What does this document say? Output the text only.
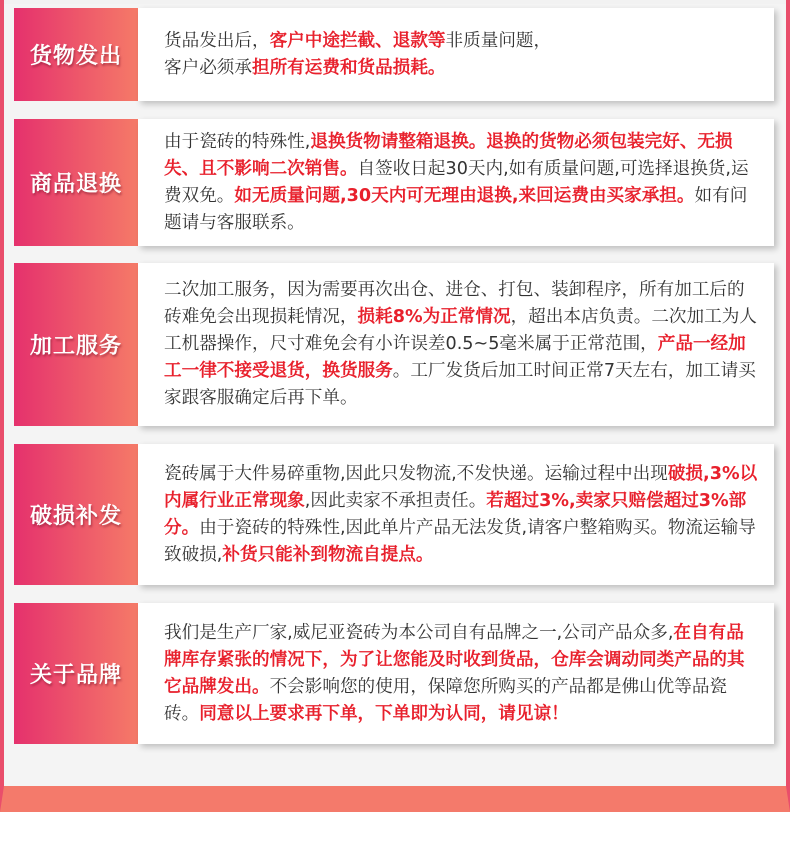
货物发出

货品发出后，客户中途拦截、退款等非质量问题，
客户必须承担所有运费和货品损耗。

商品退换

由于瓷砖的特殊性,退换货物请整箱退换。退换的货物必须包装完好、无损失、且不影响二次销售。自签收日起30天内,如有质量问题,可选择退换货,运费双免。如无质量问题,30天内可无理由退换,来回运费由买家承担。如有问题请与客服联系。

加工服务

二次加工服务，因为需要再次出仓、进仓、打包、装卸程序，所有加工后的砖难免会出现损耗情况，损耗8%为正常情况，超出本店负责。二次加工为人工机器操作，尺寸难免会有小许误差0.5~5毫米属于正常范围，产品一经加工一律不接受退货，换货服务。工厂发货后加工时间正常7天左右，加工请买家跟客服确定后再下单。

破损补发

瓷砖属于大件易碎重物,因此只发物流,不发快递。运输过程中出现破损,3%以内属行业正常现象,因此卖家不承担责任。若超过3%,卖家只赔偿超过3%部分。由于瓷砖的特殊性,因此单片产品无法发货,请客户整箱购买。物流运输导致破损,补货只能补到物流自提点。

关于品牌

我们是生产厂家,威尼亚瓷砖为本公司自有品牌之一,公司产品众多,在自有品牌库存紧张的情况下，为了让您能及时收到货品，仓库会调动同类产品的其它品牌发出。不会影响您的使用，保障您所购买的产品都是佛山优等品瓷砖。同意以上要求再下单，下单即为认同，请见谅！
